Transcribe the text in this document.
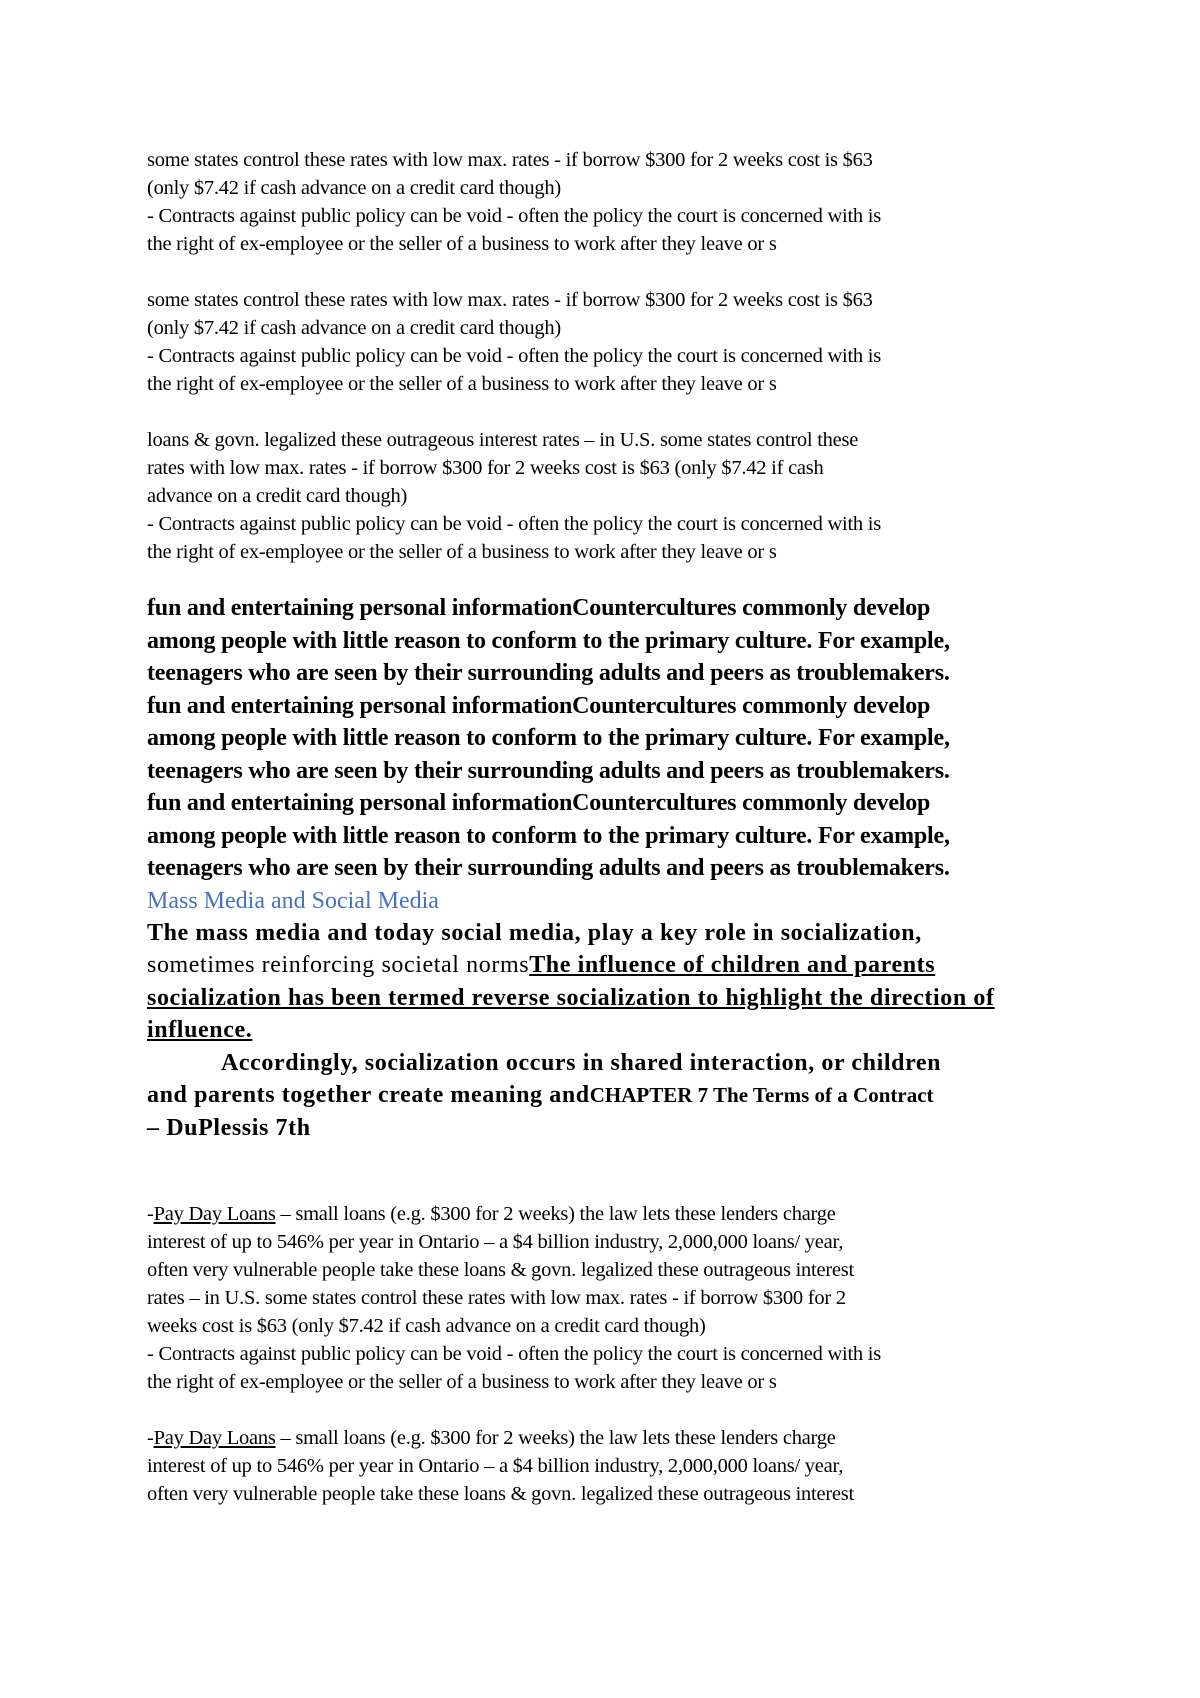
some states control these rates with low max. rates - if borrow $300 for 2 weeks cost is $63

(only $7.42 if cash advance on a credit card though)

- Contracts against public policy can be void - often the policy the court is concerned with is

the right of ex-employee or the seller of a business to work after they leave or s

some states control these rates with low max. rates - if borrow $300 for 2 weeks cost is $63

(only $7.42 if cash advance on a credit card though)

- Contracts against public policy can be void - often the policy the court is concerned with is

the right of ex-employee or the seller of a business to work after they leave or s

loans & govn. legalized these outrageous interest rates – in U.S. some states control these

rates with low max. rates - if borrow $300 for 2 weeks cost is $63 (only $7.42 if cash

advance on a credit card though)

- Contracts against public policy can be void - often the policy the court is concerned with is

the right of ex-employee or the seller of a business to work after they leave or s

fun and entertaining personal informationCountercultures commonly develop

among people with little reason to conform to the primary culture. For example,

teenagers who are seen by their surrounding adults and peers as troublemakers.

fun and entertaining personal informationCountercultures commonly develop

among people with little reason to conform to the primary culture. For example,

teenagers who are seen by their surrounding adults and peers as troublemakers.

fun and entertaining personal informationCountercultures commonly develop

among people with little reason to conform to the primary culture. For example,

teenagers who are seen by their surrounding adults and peers as troublemakers.

Mass Media and Social Media

The mass media and today social media, play a key role in socialization,

sometimes reinforcing societal normsThe influence of children and parents

socialization has been termed reverse socialization to highlight the direction of

influence.

Accordingly, socialization occurs in shared interaction, or children

and parents together create meaning andCHAPTER 7 The Terms of a Contract

– DuPlessis 7th

-Pay Day Loans – small loans (e.g. $300 for 2 weeks) the law lets these lenders charge

interest of up to 546% per year in Ontario – a $4 billion industry, 2,000,000 loans/ year,

often very vulnerable people take these loans & govn. legalized these outrageous interest

rates – in U.S. some states control these rates with low max. rates - if borrow $300 for 2

weeks cost is $63 (only $7.42 if cash advance on a credit card though)

- Contracts against public policy can be void - often the policy the court is concerned with is

the right of ex-employee or the seller of a business to work after they leave or s

-Pay Day Loans – small loans (e.g. $300 for 2 weeks) the law lets these lenders charge

interest of up to 546% per year in Ontario – a $4 billion industry, 2,000,000 loans/ year,

often very vulnerable people take these loans & govn. legalized these outrageous interest
